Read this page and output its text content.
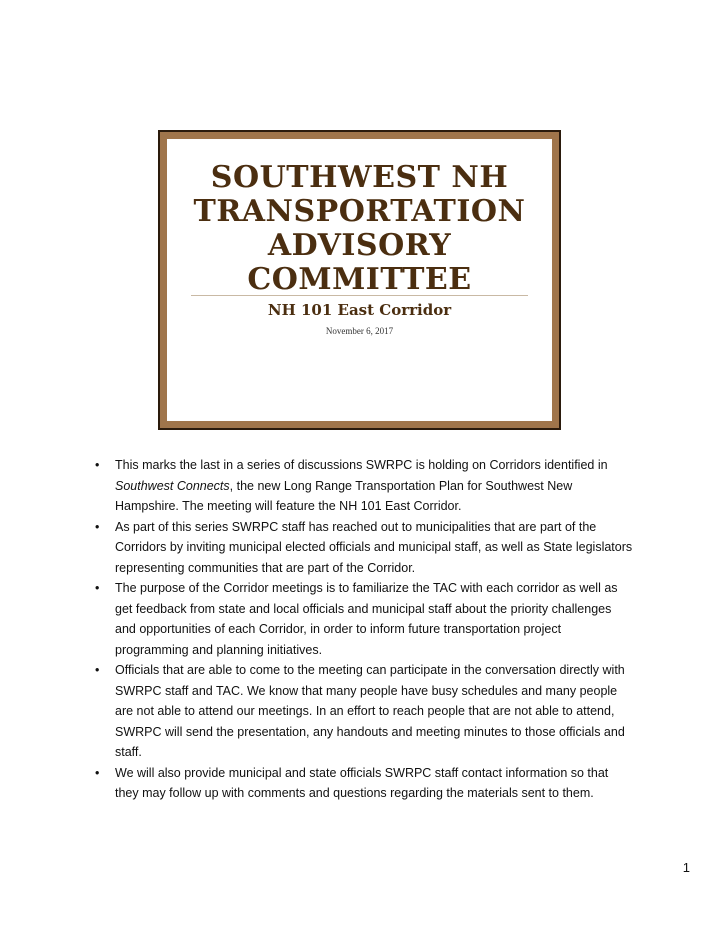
SOUTHWEST NH
TRANSPORTATION
ADVISORY
COMMITTEE
NH 101 East Corridor
November 6, 2017
• This marks the last in a series of discussions SWRPC is holding on Corridors identified in Southwest Connects, the new Long Range Transportation Plan for Southwest New Hampshire. The meeting will feature the NH 101 East Corridor.
• As part of this series SWRPC staff has reached out to municipalities that are part of the Corridors by inviting municipal elected officials and municipal staff, as well as State legislators representing communities that are part of the Corridor.
• The purpose of the Corridor meetings is to familiarize the TAC with each corridor as well as get feedback from state and local officials and municipal staff about the priority challenges and opportunities of each Corridor, in order to inform future transportation project programming and planning initiatives.
• Officials that are able to come to the meeting can participate in the conversation directly with SWRPC staff and TAC. We know that many people have busy schedules and many people are not able to attend our meetings. In an effort to reach people that are not able to attend, SWRPC will send the presentation, any handouts and meeting minutes to those officials and staff.
• We will also provide municipal and state officials SWRPC staff contact information so that they may follow up with comments and questions regarding the materials sent to them.
1
